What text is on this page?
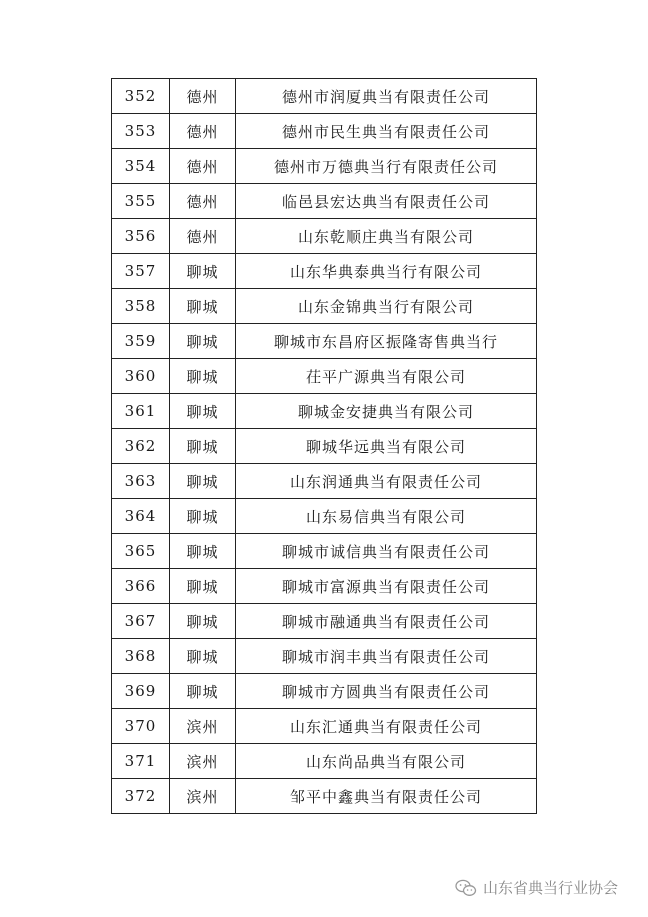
352	德州	德州市润厦典当有限责任公司
353	德州	德州市民生典当有限责任公司
354	德州	德州市万德典当行有限责任公司
355	德州	临邑县宏达典当有限责任公司
356	德州	山东乾顺庄典当有限公司
357	聊城	山东华典泰典当行有限公司
358	聊城	山东金锦典当行有限公司
359	聊城	聊城市东昌府区振隆寄售典当行
360	聊城	茌平广源典当有限公司
361	聊城	聊城金安捷典当有限公司
362	聊城	聊城华远典当有限公司
363	聊城	山东润通典当有限责任公司
364	聊城	山东易信典当有限公司
365	聊城	聊城市诚信典当有限责任公司
366	聊城	聊城市富源典当有限责任公司
367	聊城	聊城市融通典当有限责任公司
368	聊城	聊城市润丰典当有限责任公司
369	聊城	聊城市方圆典当有限责任公司
370	滨州	山东汇通典当有限责任公司
371	滨州	山东尚品典当有限公司
372	滨州	邹平中鑫典当有限责任公司
山东省典当行业协会
